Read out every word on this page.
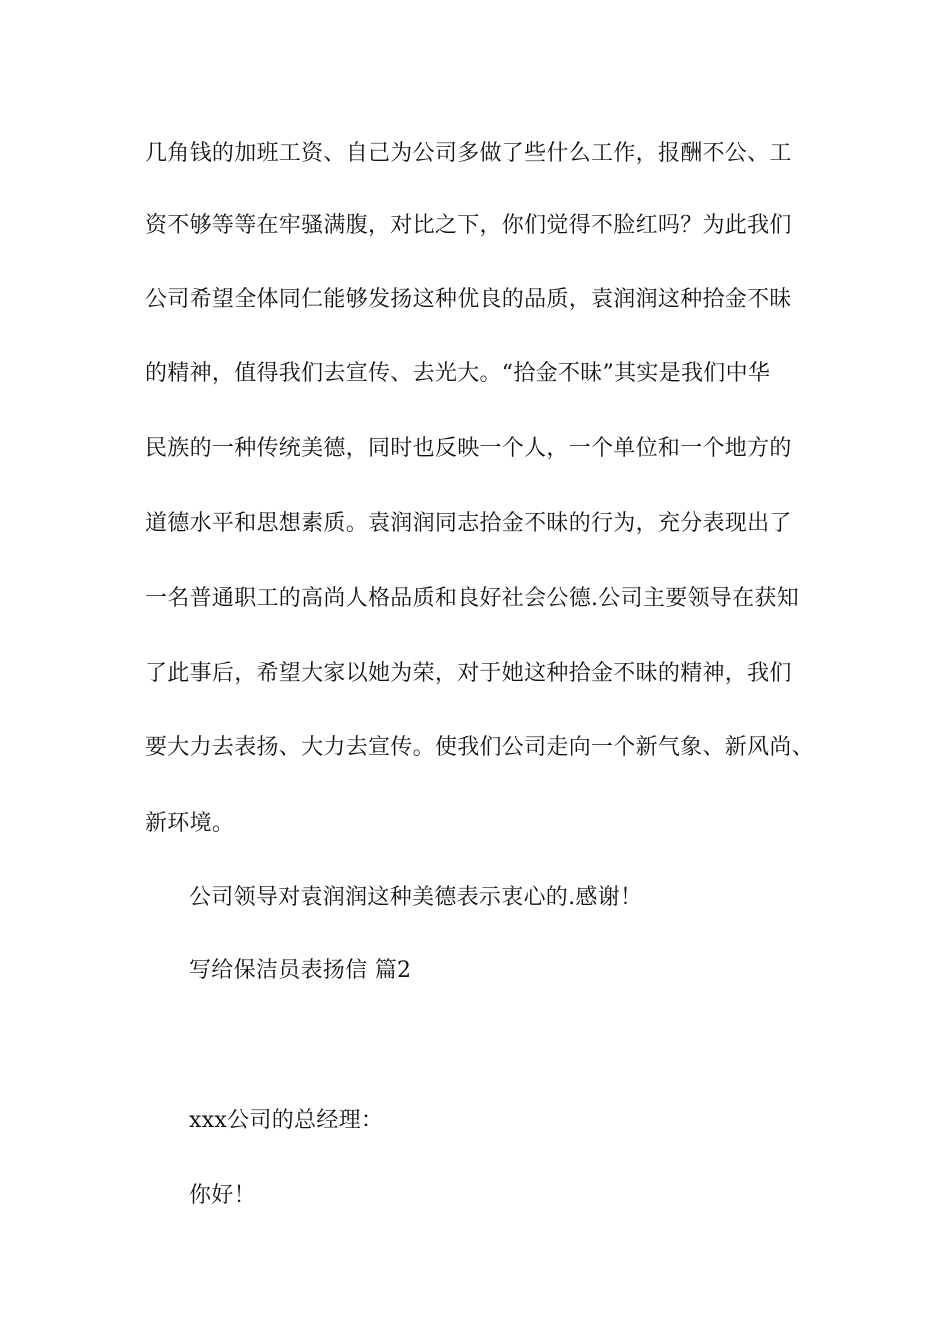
几角钱的加班工资、自己为公司多做了些什么工作，报酬不公、工
资不够等等在牢骚满腹，对比之下，你们觉得不脸红吗？为此我们
公司希望全体同仁能够发扬这种优良的品质，袁润润这种拾金不昧
的精神，值得我们去宣传、去光大。“拾金不昧”其实是我们中华
民族的一种传统美德，同时也反映一个人，一个单位和一个地方的
道德水平和思想素质。袁润润同志拾金不昧的行为，充分表现出了
一名普通职工的高尚人格品质和良好社会公德.公司主要领导在获知
了此事后，希望大家以她为荣，对于她这种拾金不昧的精神，我们
要大力去表扬、大力去宣传。使我们公司走向一个新气象、新风尚、
新环境。
公司领导对袁润润这种美德表示衷心的.感谢！
写给保洁员表扬信 篇2
xxx公司的总经理：
你好！
